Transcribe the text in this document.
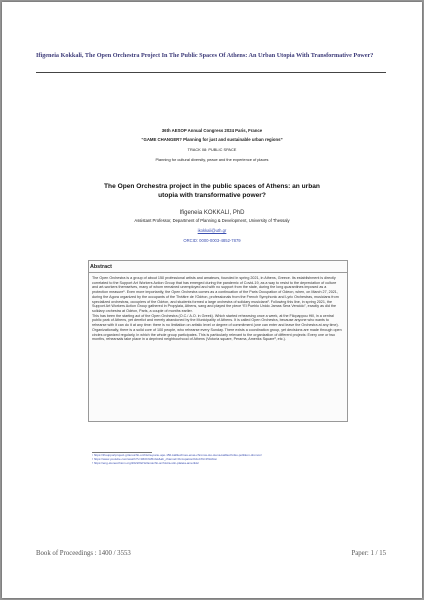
Ifigeneia Kokkali, The Open Orchestra Project In The Public Spaces Of Athens: An Urban Utopia With Transformative Power?
36th AESOP Annual Congress 2024 Paris, France
“GAME CHANGER? Planning for just and sustainable urban regions”
TRACK 08: PUBLIC SPACE
Planning for cultural diversity, peace and the experience of places
The Open Orchestra project in the public spaces of Athens: an urban
utopia with transformative power?
Ifigeneia KOKKALI, PhD
Assistant Professor, Department of Planning & Development, University of Thessaly
ikokkali@uth.gr
ORCID: 0000-0003-4852-7879
Abstract

The Open Orchestra is a group of about 150 professional artists and amateurs, founded in spring 2021, in Athens, Greece. Its establishment is directly correlated to the Support Art Workers Action Group that has emerged during the pandemic of Covid-19, as a way to resist to the depreciation of culture and art-workers themselves, many of whom remained unemployed and with no support from the state, during the long quarantines imposed as a protection measure¹. Even more importantly, the Open Orchestra comes as a continuation of the Paris Occupation of Odeon, when, on March 27, 2021, during the Agora organized by the occupants of the Théâtre de l’Odéon, professionals from the French Symphonic and Lyric Orchestras, musicians from specialized orchestras, occupiers of the Odéon, and students formed a large orchestra of solidary musicians². Following this line, in spring 2021, the Support Art Workers Action Group gathered in Propylaia, Athens, sang and played the piece “El Pueblo Unido Jamas Sera Vencido”, exactly as did the solidary orchestra at Odéon, Paris, a couple of months earlier.

This has been the starting act of the Open Orchestra (O.C./ Α.Ο. in Greek). Which started rehearsing once a week, at the Filopappou Hill, in a central public park of Athens, yet derelict and merely abandoned by the Municipality of Athens. It is called Open Orchestra, because anyone who wants to rehearse with it can do it at any time: there is no limitation on artistic level or degree of commitment (one can enter and leave the Orchestra at any time). Organizationally, there is a solid core of 100 people, who rehearse every Sunday. There exists a coordination group, yet decisions are made through open circles organized regularly, in which the whole group participates. This is particularly relevant to the organization of different projects: Every one or two months, rehearsals take place in a deprived neighbourhood of Athens (Victoria square, Perama, Ameriks Square³, etc.).

¹ https://thsupportproject.gr/anoichti-orchistra-panu-apo-150-kallitechnes-enas-chronos-sto-stena-kallitechniko-politikon-dromon/
² https://www.youtube.com/watch?v=tMiOr9d5nGk&ab_channel=OccupationOdoC%C3%A9on
³ https://eng-stonecchiom.org/2022/02/12/anoichti-orchistra-stin-plateia-amerikis/
Book of Proceedings : 1400 / 3553	Paper: 1 / 15
